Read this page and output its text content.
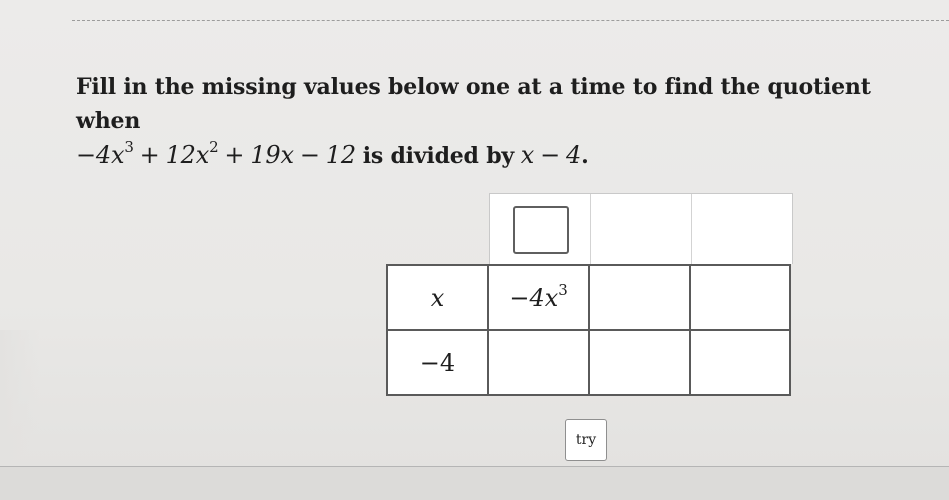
Fill in the missing values below one at a time to find the quotient when
$-4x^3 + 12x^2 + 19x - 12$ is divided by x − 4.
x	$-4x^3$		
−4			
try
